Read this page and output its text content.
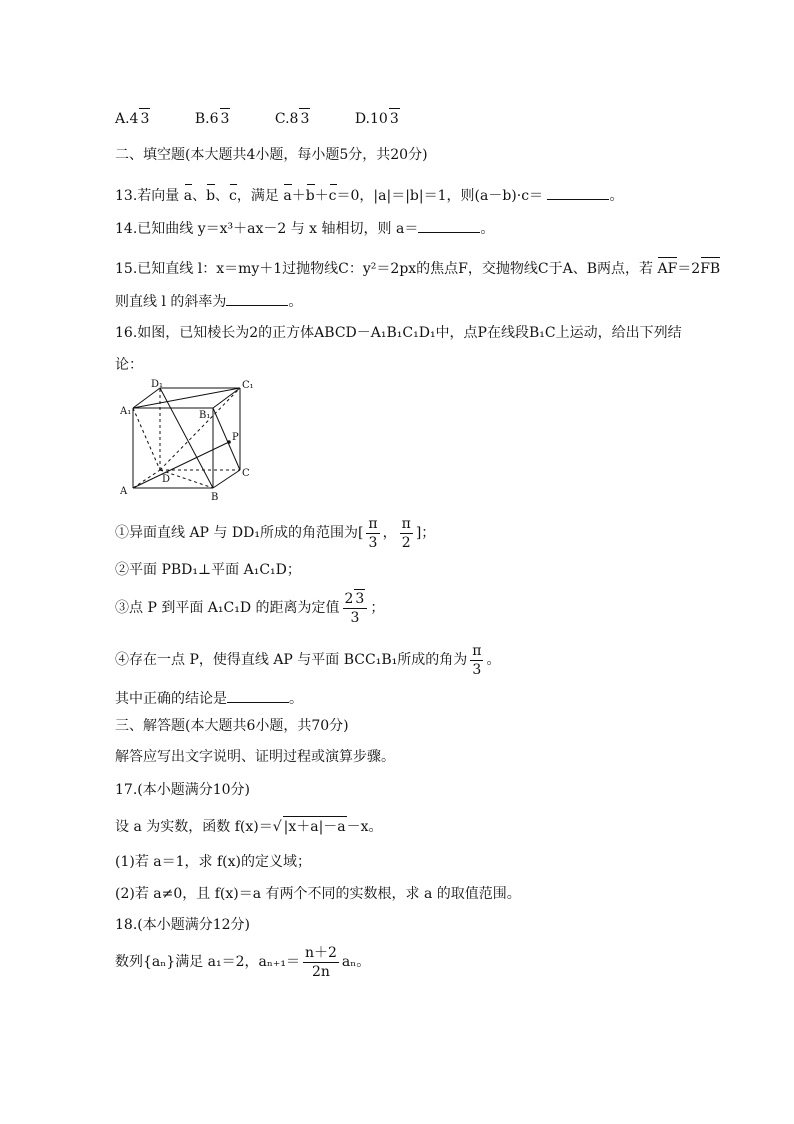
A.4 3	B.6 3	C.8 3	D.10 3
二、填空题(本大题共4小题，每小题5分，共20分)
13.若向量 a、b、c，满足 a＋b＋c＝0，|a|＝|b|＝1，则(a－b)·c＝	。
14.已知曲线 y＝x³＋ax－2 与 x 轴相切，则 a＝	。
15.已知直线 l：x＝my＋1过抛物线C：y²＝2px的焦点F，交抛物线C于A、B两点，若 AF＝2FB
则直线 l 的斜率为	。
16.如图，已知棱长为2的正方体ABCD－A₁B₁C₁D₁中，点P在线段B₁C上运动，给出下列结
论：
A
B
C
D
A₁	B₁
C₁
D₁
P
①异面直线 AP 与 DD₁所成的角范围为[ $\frac{\pi}{3}$ ， $\frac{\pi}{2}$ ]；
②平面 PBD₁⊥平面 A₁C₁D；
③点 P 到平面 A₁C₁D 的距离为定值 $\frac{2 3}{3}$ ；
④存在一点 P，使得直线 AP 与平面 BCC₁B₁所成的角为 $\frac{\pi}{3}$ 。
其中正确的结论是	。
三、解答题(本大题共6小题，共70分)
解答应写出文字说明、证明过程或演算步骤。
17.(本小题满分10分)
设 a 为实数，函数 f(x)＝√ |x＋a|－a－x。
(1)若 a＝1，求 f(x)的定义域；
(2)若 a≠0，且 f(x)＝a 有两个不同的实数根，求 a 的取值范围。
18.(本小题满分12分)
数列{aₙ}满足 a₁＝2，$a_{n+1}= \frac{n+2}{2n}$ aₙ。
